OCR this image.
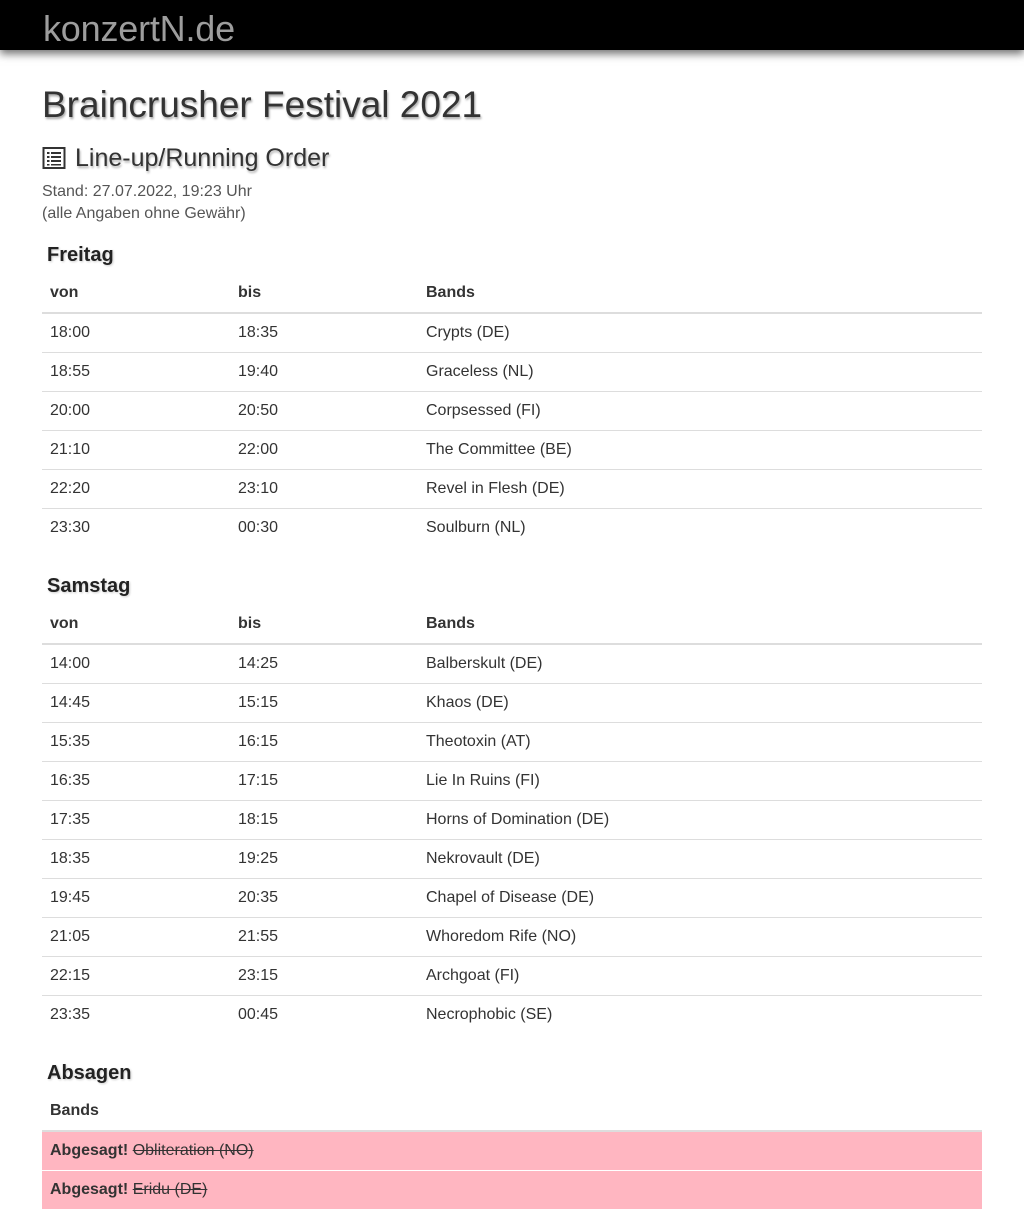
konzertN.de
Braincrusher Festival 2021
Line-up/Running Order
Stand: 27.07.2022, 19:23 Uhr
(alle Angaben ohne Gewähr)
Freitag
von	bis	Bands
18:00	18:35	Crypts (DE)
18:55	19:40	Graceless (NL)
20:00	20:50	Corpsessed (FI)
21:10	22:00	The Committee (BE)
22:20	23:10	Revel in Flesh (DE)
23:30	00:30	Soulburn (NL)
Samstag
von	bis	Bands
14:00	14:25	Balberskult (DE)
14:45	15:15	Khaos (DE)
15:35	16:15	Theotoxin (AT)
16:35	17:15	Lie In Ruins (FI)
17:35	18:15	Horns of Domination (DE)
18:35	19:25	Nekrovault (DE)
19:45	20:35	Chapel of Disease (DE)
21:05	21:55	Whoredom Rife (NO)
22:15	23:15	Archgoat (FI)
23:35	00:45	Necrophobic (SE)
Absagen
Bands
Abgesagt! Obliteration (NO)
Abgesagt! Eridu (DE)
